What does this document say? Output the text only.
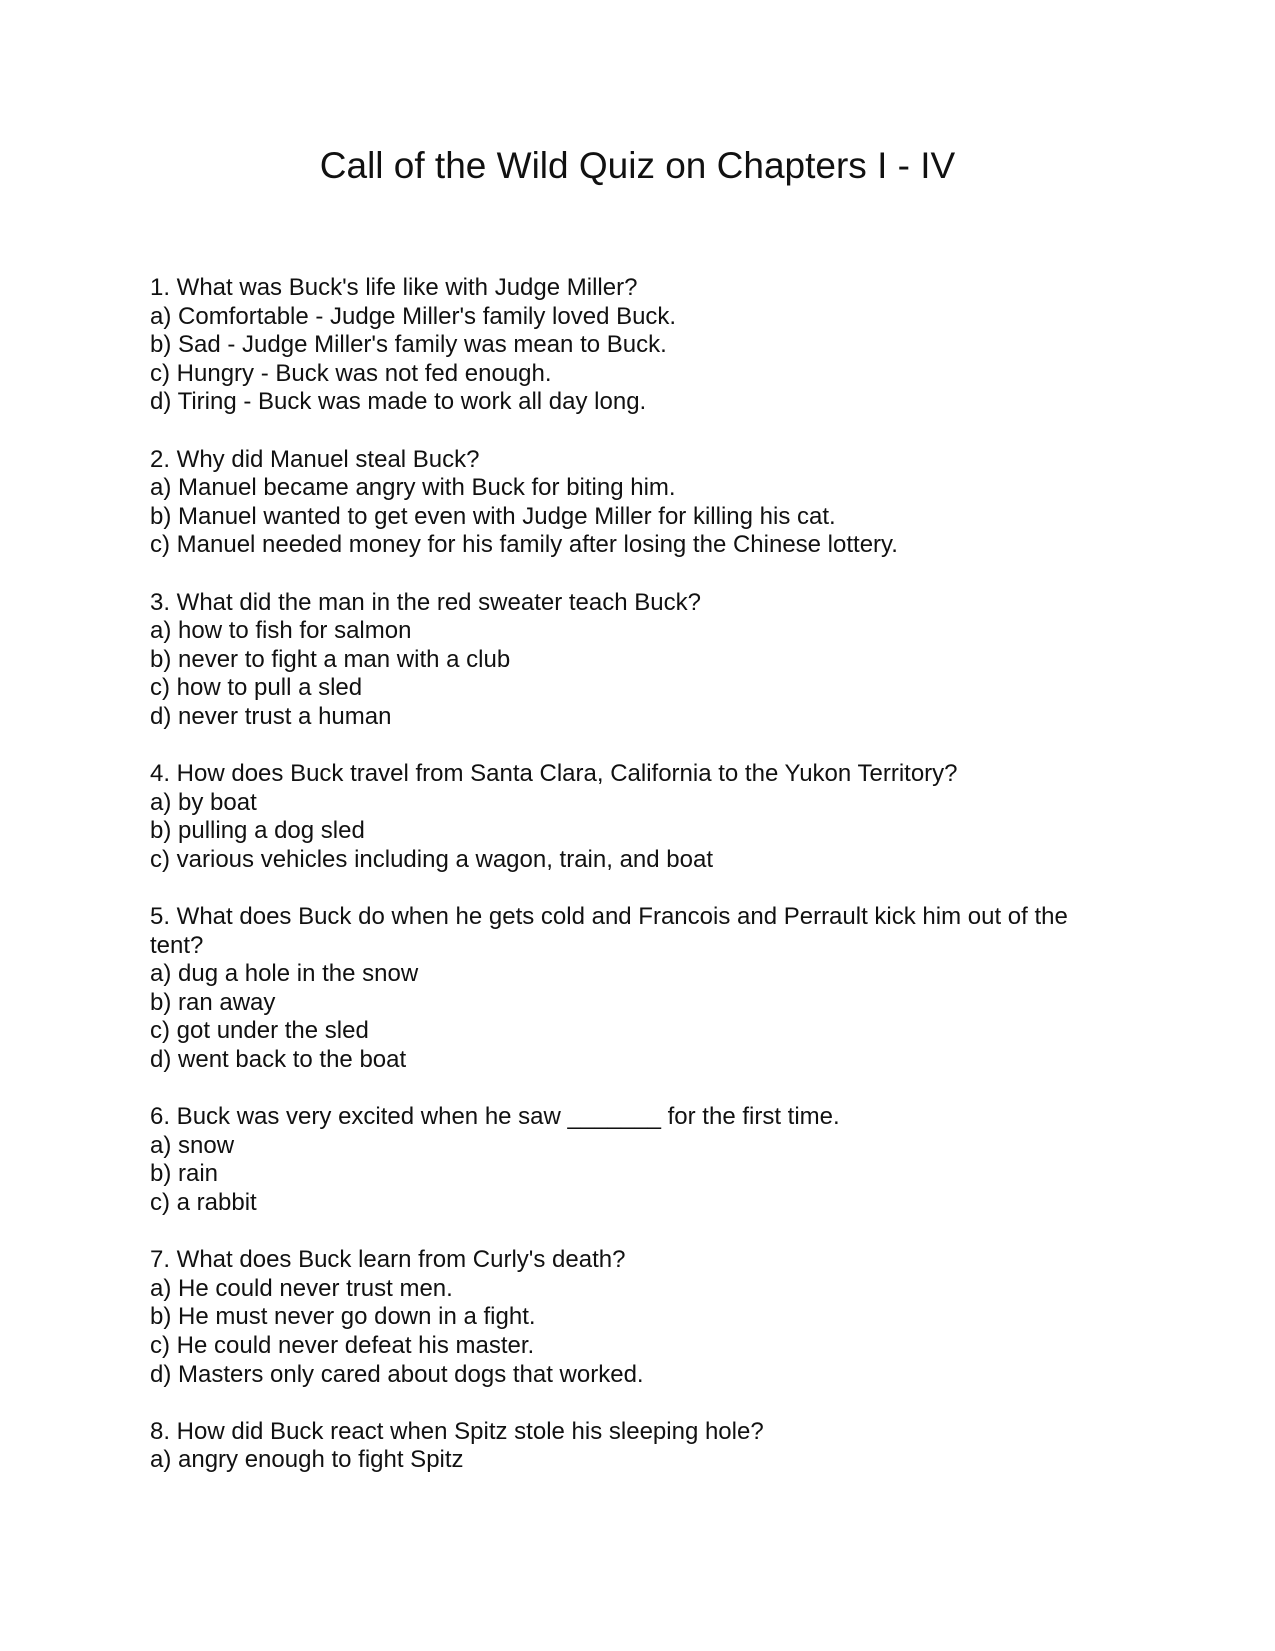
Call of the Wild Quiz on Chapters I - IV
1. What was Buck's life like with Judge Miller?
a) Comfortable - Judge Miller's family loved Buck.
b) Sad - Judge Miller's family was mean to Buck.
c) Hungry - Buck was not fed enough.
d) Tiring - Buck was made to work all day long.
2. Why did Manuel steal Buck?
a) Manuel became angry with Buck for biting him.
b) Manuel wanted to get even with Judge Miller for killing his cat.
c) Manuel needed money for his family after losing the Chinese lottery.
3. What did the man in the red sweater teach Buck?
a) how to fish for salmon
b) never to fight a man with a club
c) how to pull a sled
d) never trust a human
4. How does Buck travel from Santa Clara, California to the Yukon Territory?
a) by boat
b) pulling a dog sled
c) various vehicles including a wagon, train, and boat
5. What does Buck do when he gets cold and Francois and Perrault kick him out of the tent?
a) dug a hole in the snow
b) ran away
c) got under the sled
d) went back to the boat
6. Buck was very excited when he saw _______ for the first time.
a) snow
b) rain
c) a rabbit
7. What does Buck learn from Curly's death?
a) He could never trust men.
b) He must never go down in a fight.
c) He could never defeat his master.
d) Masters only cared about dogs that worked.
8. How did Buck react when Spitz stole his sleeping hole?
a) angry enough to fight Spitz
